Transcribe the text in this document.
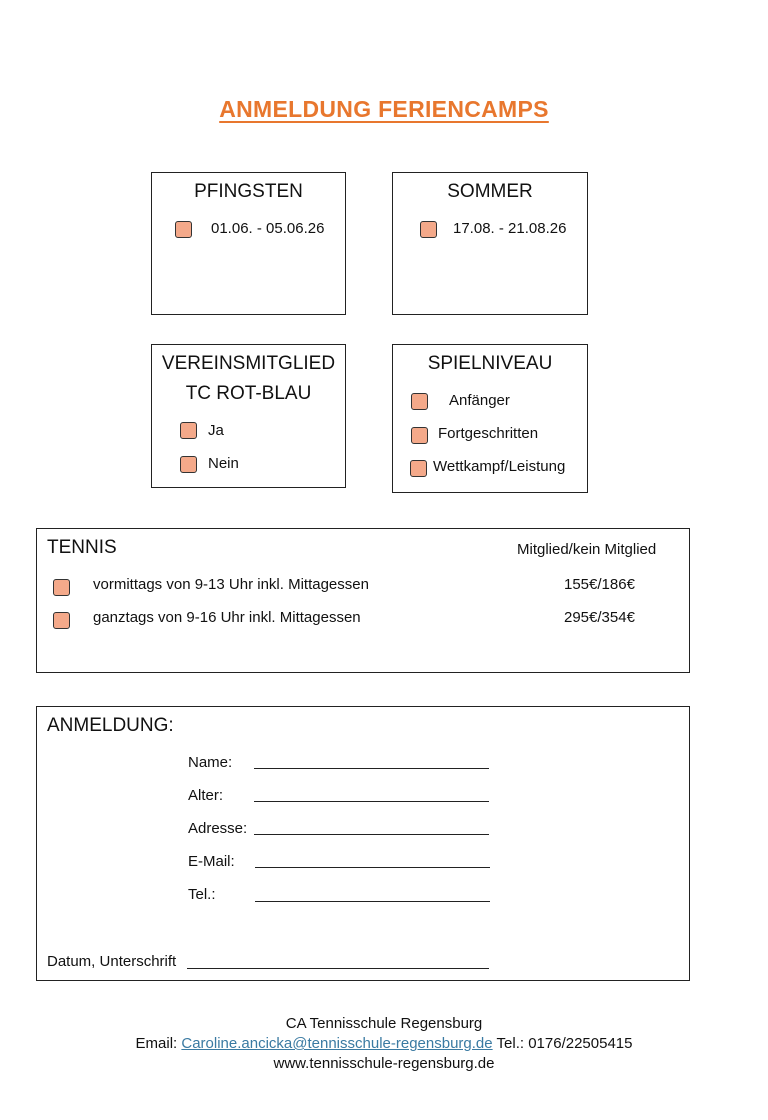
ANMELDUNG FERIENCAMPS
PFINGSTEN
01.06. - 05.06.26
SOMMER
17.08. - 21.08.26
VEREINSMITGLIED
TC ROT-BLAU
Ja
Nein
SPIELNIVEAU
Anfänger
Fortgeschritten
Wettkampf/Leistung
TENNIS	Mitglied/kein Mitglied
vormittags von 9-13 Uhr inkl. Mittagessen	155€/186€
ganztags von 9-16 Uhr inkl. Mittagessen	295€/354€
ANMELDUNG:
Name:
Alter:
Adresse:
E-Mail:
Tel.:
Datum, Unterschrift
CA Tennisschule Regensburg
Email: Caroline.ancicka@tennisschule-regensburg.de Tel.: 0176/22505415
www.tennisschule-regensburg.de
